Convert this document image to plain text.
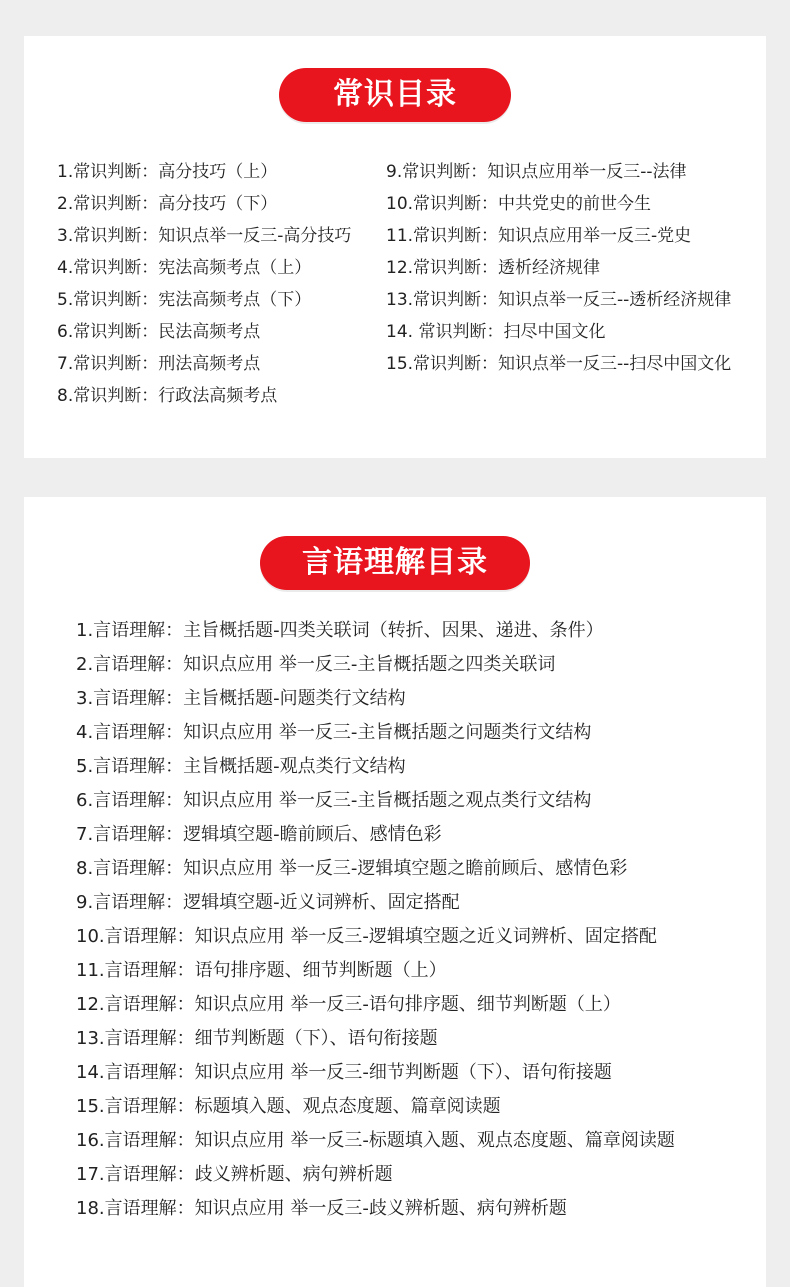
常识目录
1.常识判断：高分技巧（上）
2.常识判断：高分技巧（下）
3.常识判断：知识点举一反三-高分技巧
4.常识判断：宪法高频考点（上）
5.常识判断：宪法高频考点（下）
6.常识判断：民法高频考点
7.常识判断：刑法高频考点
8.常识判断：行政法高频考点
9.常识判断：知识点应用举一反三--法律
10.常识判断：中共党史的前世今生
11.常识判断：知识点应用举一反三-党史
12.常识判断：透析经济规律
13.常识判断：知识点举一反三--透析经济规律
14. 常识判断：扫尽中国文化
15.常识判断：知识点举一反三--扫尽中国文化
言语理解目录
1.言语理解：主旨概括题-四类关联词（转折、因果、递进、条件）
2.言语理解：知识点应用 举一反三-主旨概括题之四类关联词
3.言语理解：主旨概括题-问题类行文结构
4.言语理解：知识点应用 举一反三-主旨概括题之问题类行文结构
5.言语理解：主旨概括题-观点类行文结构
6.言语理解：知识点应用 举一反三-主旨概括题之观点类行文结构
7.言语理解：逻辑填空题-瞻前顾后、感情色彩
8.言语理解：知识点应用 举一反三-逻辑填空题之瞻前顾后、感情色彩
9.言语理解：逻辑填空题-近义词辨析、固定搭配
10.言语理解：知识点应用 举一反三-逻辑填空题之近义词辨析、固定搭配
11.言语理解：语句排序题、细节判断题（上）
12.言语理解：知识点应用 举一反三-语句排序题、细节判断题（上）
13.言语理解：细节判断题（下）、语句衔接题
14.言语理解：知识点应用 举一反三-细节判断题（下）、语句衔接题
15.言语理解：标题填入题、观点态度题、篇章阅读题
16.言语理解：知识点应用 举一反三-标题填入题、观点态度题、篇章阅读题
17.言语理解：歧义辨析题、病句辨析题
18.言语理解：知识点应用 举一反三-歧义辨析题、病句辨析题
